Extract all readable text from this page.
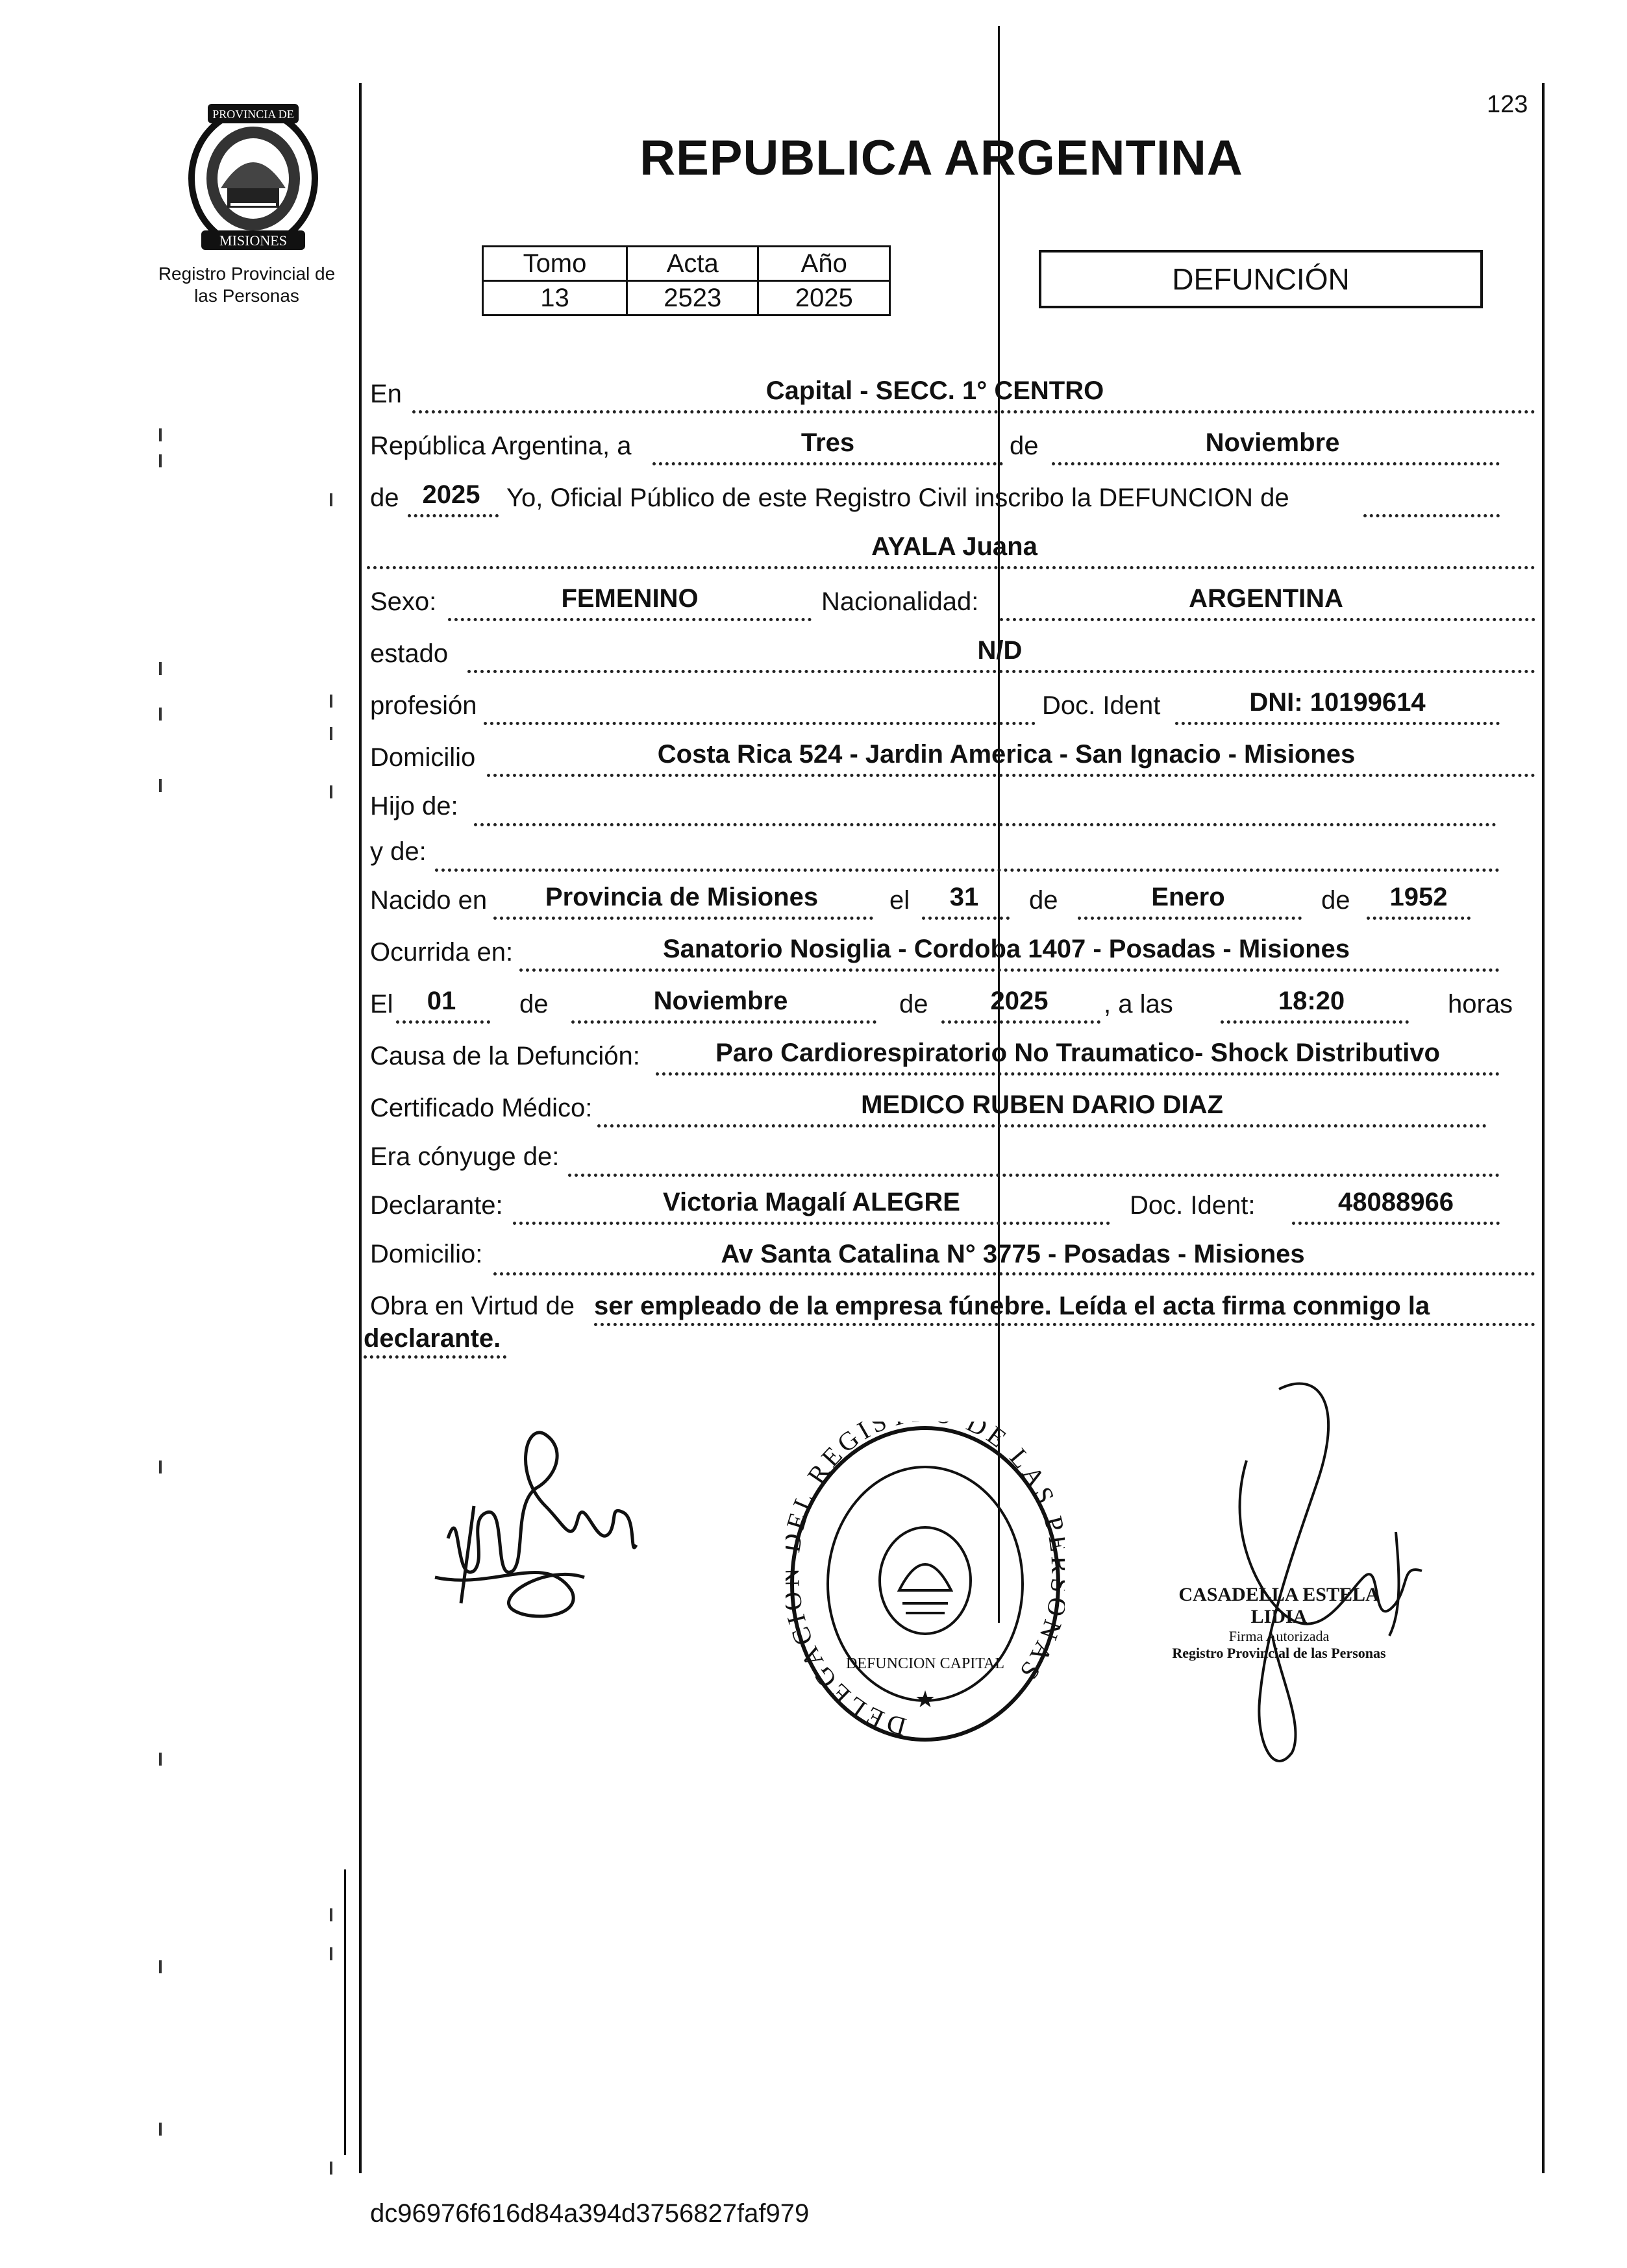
123
PROVINCIA DE
MISIONES
Registro Provincial de
las Personas
REPUBLICA ARGENTINA
Tomo	Acta	Año
13	2523	2025
DEFUNCIÓN
En	Capital - SECC. 1° CENTRO
República Argentina, a	Tres	de	Noviembre
de 2025	Yo, Oficial Público de este Registro Civil inscribo la DEFUNCION de
AYALA Juana
Sexo:	FEMENINO	Nacionalidad:	ARGENTINA
estado	N/D
profesión	Doc. Ident	DNI: 10199614
Domicilio	Costa Rica 524 - Jardin America - San Ignacio - Misiones
Hijo de:
y de:
Nacido en	Provincia de Misiones	el	31	de	Enero	de	1952
Ocurrida en:	Sanatorio Nosiglia - Cordoba 1407 - Posadas - Misiones
El	01	de	Noviembre	de	2025	, a las	18:20	horas
Causa de la Defunción:	Paro Cardiorespiratorio No Traumatico- Shock Distributivo
Certificado Médico:	MEDICO RUBEN DARIO DIAZ
Era cónyuge de:
Declarante:	Victoria Magalí ALEGRE	Doc. Ident:	48088966
Domicilio:	Av Santa Catalina N° 3775 - Posadas - Misiones
Obra en Virtud de ser empleado de la empresa fúnebre. Leída el acta firma conmigo la
declarante.
DELEGAC L REGIS DE LAS NAS
DEFUNCION CAPITAL
★
CASADELLA ESTELA LIDIA
Firma Autorizada
Registro Provincial de las Personas
dc96976f616d84a394d3756827faf979
